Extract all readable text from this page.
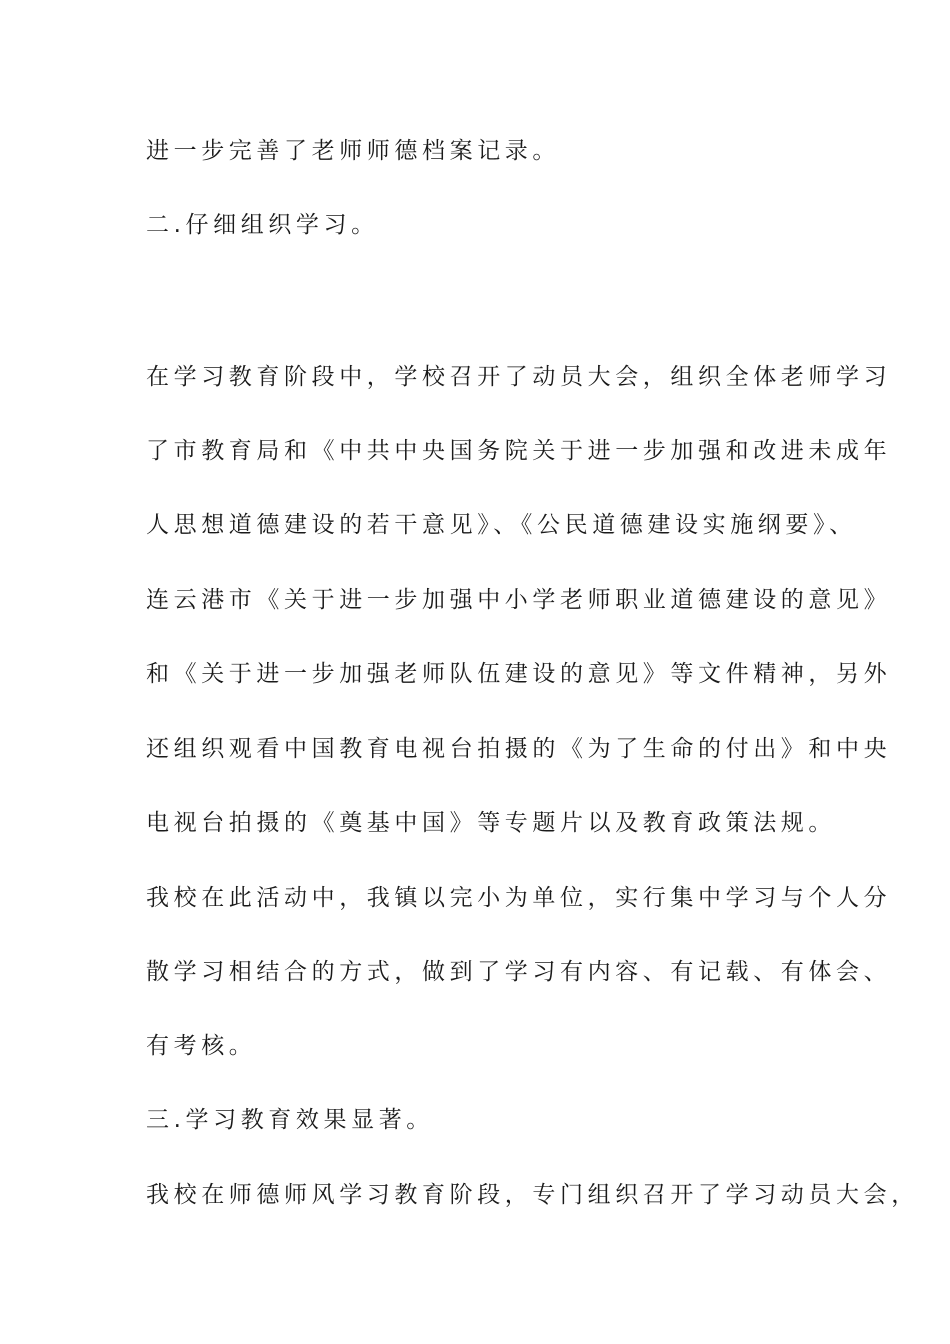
进一步完善了老师师德档案记录。
二.仔细组织学习。
在学习教育阶段中，学校召开了动员大会，组织全体老师学习
了市教育局和《中共中央国务院关于进一步加强和改进未成年
人思想道德建设的若干意见》、《公民道德建设实施纲要》、
连云港市《关于进一步加强中小学老师职业道德建设的意见》
和《关于进一步加强老师队伍建设的意见》等文件精神，另外
还组织观看中国教育电视台拍摄的《为了生命的付出》和中央
电视台拍摄的《奠基中国》等专题片以及教育政策法规。
我校在此活动中，我镇以完小为单位，实行集中学习与个人分
散学习相结合的方式，做到了学习有内容、有记载、有体会、
有考核。
三.学习教育效果显著。
我校在师德师风学习教育阶段，专门组织召开了学习动员大会，
